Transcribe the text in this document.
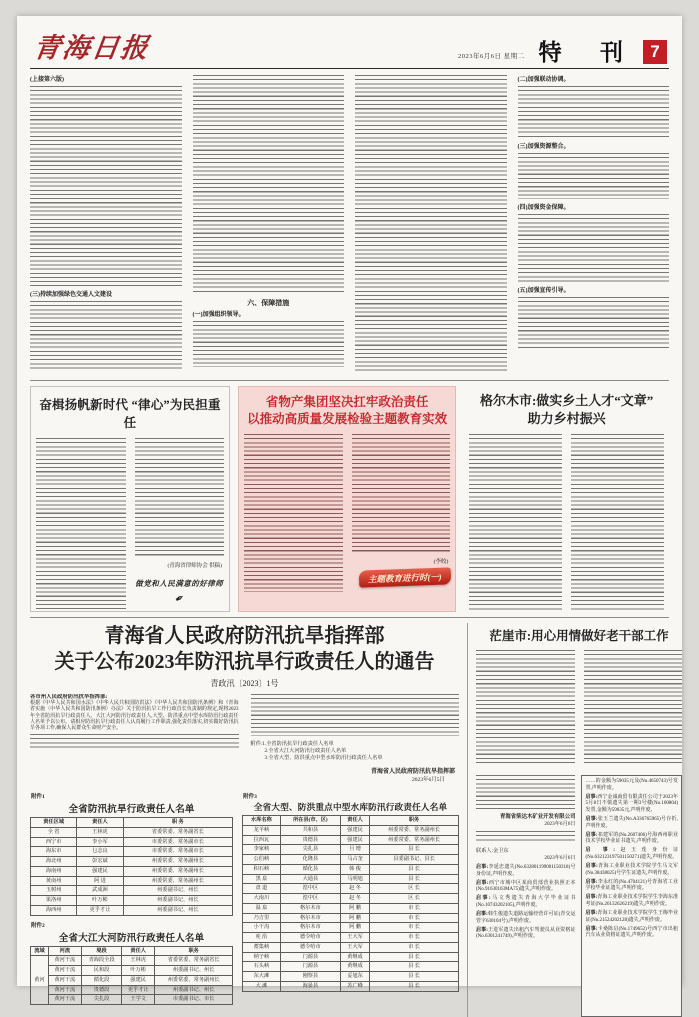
青海日报	2023年6月6日 星期二 特 刊 7
(上接第六版)
(三)持续加强绿色交通人文建设
六、保障措施
(一)加强组织领导。
(二)加强联动协调。
(三)加强资源整合。
(四)加强资金保障。
(五)加强宣传引导。
奋楫扬帆新时代 “律心”为民担重任
(青海省律师协会 供稿)
做党和人民满意的好律师
✒
省物产集团坚决扛牢政治责任
以推动高质量发展检验主题教育实效
(李皎)
主题教育进行时(一)
格尔木市:做实乡土人才“文章”
助力乡村振兴
青海省人民政府防汛抗旱指挥部
关于公布2023年防汛抗旱行政责任人的通告
青政汛〔2023〕1号
各市州人民政府防汛抗旱指挥部:
根据《中华人民共和国水法》《中华人民共和国防洪法》《中华人民共和国防汛条例》和《青海省实施〈中华人民共和国防汛条例〉办法》关于防汛抗旱工作行政首长负责制的规定,现将2023年全省防汛抗旱行政责任人、大江大河防汛行政责任人,大型、防洪重点中型水库防汛行政责任人名单予以公布。请相应防汛抗旱行政责任人认真履行工作职责,强化责任落实,切实做好防汛抗旱各项工作,确保人民群众生命财产安全。
附件:1.全省防汛抗旱行政责任人名单
2.全省大江大河防汛行政责任人名单
3.全省大型、防洪重点中型水库防汛行政责任人名单
青海省人民政府防汛抗旱指挥部
2023年6月5日
附件1
全省防汛抗旱行政责任人名单
责任区域	责任人	职 务
全 省	王林虎	省委常委、常务副省长
西宁市	李小军	市委常委、常务副市长
海东市	乜志良	市委常委、常务副市长
海北州	彭宏斌	州委常委、常务副州长
海南州	强建民	州委常委、常务副州长
黄南州	阿 进	州委常委、常务副州长
玉树州	武成洲	州委副书记、州长
果洛州	叶万彬	州委副书记、州长
海西州	更乎才让	州委副书记、州长
附件2
全省大江大河防汛行政责任人名单
流域	河流	堤段	责任人	职务
黄河	黄河干流	青海段全段	王林虎	省委常委、常务副省长
	黄河干流	民和段	叶万彬	州委副书记、州长
	黄河干流	循化段	强建民	州委常委、常务副州长
	黄河干流	贵德段	更乎才让	州委副书记、州长
	黄河干流	尖扎段	王学文	市委副书记、市长
附件3
全省大型、防洪重点中型水库防汛行政责任人名单
水库名称	所在县(市、区)	责任人	职务
龙羊峡	共和县	强建民	州委常委、常务副州长
拉西瓦	贵德县	强建民	州委常委、常务副州长
李家峡	尖扎县	旦 增	县 长
公伯峡	化隆县	马占奎	县委副书记、县长
积石峡	循化县	韩 俊	县 长
黑 泉	大通县	马明旭	县 长
盘 道	湟中区	赵 冬	区 长
大南川	湟中区	赵 冬	区 长
温 泉	格尔木市	阿 鹏	市 长
乃吉里	格尔木市	阿 鹏	市 长
小干沟	格尔木市	阿 鹏	市 长
哇 沿	德令哈市	王大军	市 长
蓄集峡	德令哈市	王大军	市 长
纳子峡	门源县	黄继成	县 长
石头峡	门源县	黄继成	县 长
东大滩	刚察县	妥旭东	县 长
大 滩	海晏县	苏广峰	县 长
茫崖市:用心用情做好老干部工作
青海省柴达木矿业开发有限公司
2023年6月6日
联系人:金卫东
2023年6月6日

启事:李延忠遗失(No.632801199001150318)号身份证,声明作废。

启事:西宁市城中区某商贸部营业执照正本(No.91630103MA75)遗失,声明作废。

启事:马文秀遗失青海大学毕业证书(No.10743202105),声明作废。

启事:韩生俊遗失道路运输经营许可证(青交运管字630104号),声明作废。

启事:王进军遗失出租汽车驾驶员从业资格证(No.6301241749),声明作废。

……的金额为59035元及(No.4650743)号发票,声明作废。

启事:西宁金诚商贸有限责任公司于2023年5月8日不慎遗失第一期3号楼(No.160804)发票,金额为59035元,声明作废。

启事:张玉兰遗失(No.A336765965)号存折,声明作废。

启事:祁建军的(No.2607406)号海西州职业技术学校毕业证书遗失,声明作废。

启 事:赵玉莲身份证(No.632123197501150271)遗失,声明作废。

启事:青海工业职业技术学院学生马文军(No.38438025)号学生证遗失,声明作废。

启事:李永红的(No.4704121)号青海省工业学校毕业证遗失,声明作废。

启事:青海工业职业技术学院学生李海东准考证(No.26132626219)遗失,声明作废。

启事:青海工业职业技术学院学生王梅毕业证(No.21524202128)遗失,声明作废。

启事:卡桑陈启(No.1749652)号西宁市出租汽车从业资格证遗失,声明作废。
